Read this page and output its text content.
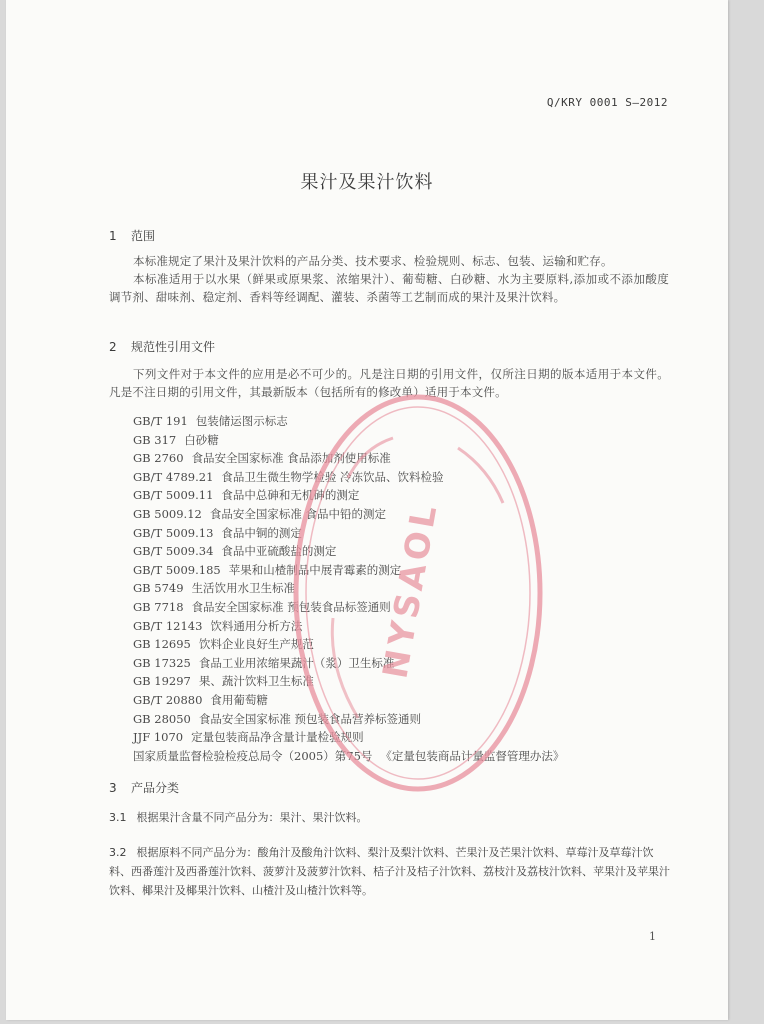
Q/KRY 0001 S—2012
果汁及果汁饮料
1 范围

本标准规定了果汁及果汁饮料的产品分类、技术要求、检验规则、标志、包装、运输和贮存。

本标准适用于以水果（鲜果或原果浆、浓缩果汁）、葡萄糖、白砂糖、水为主要原料,添加或不添加酸度调节剂、甜味剂、稳定剂、香料等经调配、灌装、杀菌等工艺制而成的果汁及果汁饮料。

2 规范性引用文件

下列文件对于本文件的应用是必不可少的。凡是注日期的引用文件，仅所注日期的版本适用于本文件。凡是不注日期的引用文件，其最新版本（包括所有的修改单）适用于本文件。

GB/T 191 包装储运图示标志
GB 317 白砂糖
GB 2760 食品安全国家标准 食品添加剂使用标准
GB/T 4789.21 食品卫生微生物学检验 冷冻饮品、饮料检验
GB/T 5009.11 食品中总砷和无机砷的测定
GB 5009.12 食品安全国家标准 食品中铅的测定
GB/T 5009.13 食品中铜的测定
GB/T 5009.34 食品中亚硫酸盐的测定
GB/T 5009.185 苹果和山楂制品中展青霉素的测定
GB 5749 生活饮用水卫生标准
GB 7718 食品安全国家标准 预包装食品标签通则
GB/T 12143 饮料通用分析方法
GB 12695 饮料企业良好生产规范
GB 17325 食品工业用浓缩果蔬汁（浆）卫生标准
GB 19297 果、蔬汁饮料卫生标准
GB/T 20880 食用葡萄糖
GB 28050 食品安全国家标准 预包装食品营养标签通则
JJF 1070 定量包装商品净含量计量检验规则
国家质量监督检验检疫总局令（2005）第75号 《定量包装商品计量监督管理办法》
3 产品分类

3.1 根据果汁含量不同产品分为：果汁、果汁饮料。

3.2 根据原料不同产品分为：酸角汁及酸角汁饮料、梨汁及梨汁饮料、芒果汁及芒果汁饮料、草莓汁及草莓汁饮料、西番莲汁及西番莲汁饮料、菠萝汁及菠萝汁饮料、桔子汁及桔子汁饮料、荔枝汁及荔枝汁饮料、苹果汁及苹果汁饮料、椰果汁及椰果汁饮料、山楂汁及山楂汁饮料等。

1
NYSAOL
